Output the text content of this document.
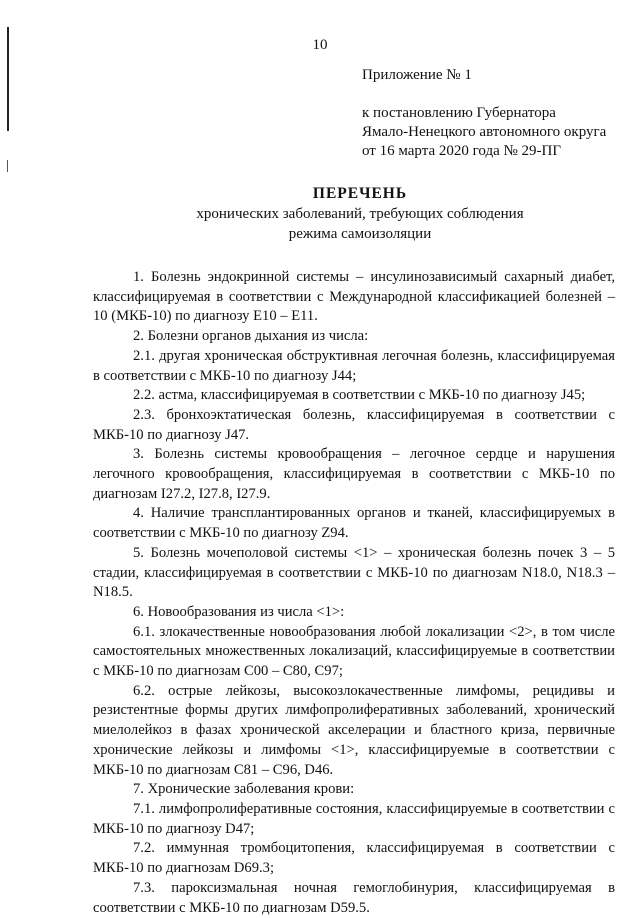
10
Приложение № 1
к постановлению Губернатора
Ямало-Ненецкого автономного округа
от 16 марта 2020 года № 29-ПГ
ПЕРЕЧЕНЬ
хронических заболеваний, требующих соблюдения
режима самоизоляции

1. Болезнь эндокринной системы – инсулинозависимый сахарный диабет, классифицируемая в соответствии с Международной классификацией болезней – 10 (МКБ-10) по диагнозу E10 – E11.

2. Болезни органов дыхания из числа:

2.1. другая хроническая обструктивная легочная болезнь, классифицируемая в соответствии с МКБ-10 по диагнозу J44;

2.2. астма, классифицируемая в соответствии с МКБ-10 по диагнозу J45;

2.3. бронхоэктатическая болезнь, классифицируемая в соответствии с МКБ-10 по диагнозу J47.

3. Болезнь системы кровообращения – легочное сердце и нарушения легочного кровообращения, классифицируемая в соответствии с МКБ-10 по диагнозам I27.2, I27.8, I27.9.

4. Наличие трансплантированных органов и тканей, классифицируемых в соответствии с МКБ-10 по диагнозу Z94.

5. Болезнь мочеполовой системы <1> – хроническая болезнь почек 3 – 5 стадии, классифицируемая в соответствии с МКБ-10 по диагнозам N18.0, N18.3 – N18.5.

6. Новообразования из числа <1>:

6.1. злокачественные новообразования любой локализации <2>, в том числе самостоятельных множественных локализаций, классифицируемые в соответствии с МКБ-10 по диагнозам C00 – C80, C97;

6.2. острые лейкозы, высокозлокачественные лимфомы, рецидивы и резистентные формы других лимфопролиферативных заболеваний, хронический миелолейкоз в фазах хронической акселерации и бластного криза, первичные хронические лейкозы и лимфомы <1>, классифицируемые в соответствии с МКБ-10 по диагнозам C81 – C96, D46.

7. Хронические заболевания крови:

7.1. лимфопролиферативные состояния, классифицируемые в соответствии с МКБ-10 по диагнозу D47;

7.2. иммунная тромбоцитопения, классифицируемая в соответствии с МКБ-10 по диагнозам D69.3;

7.3. пароксизмальная ночная гемоглобинурия, классифицируемая в соответствии с МКБ-10 по диагнозам D59.5.
